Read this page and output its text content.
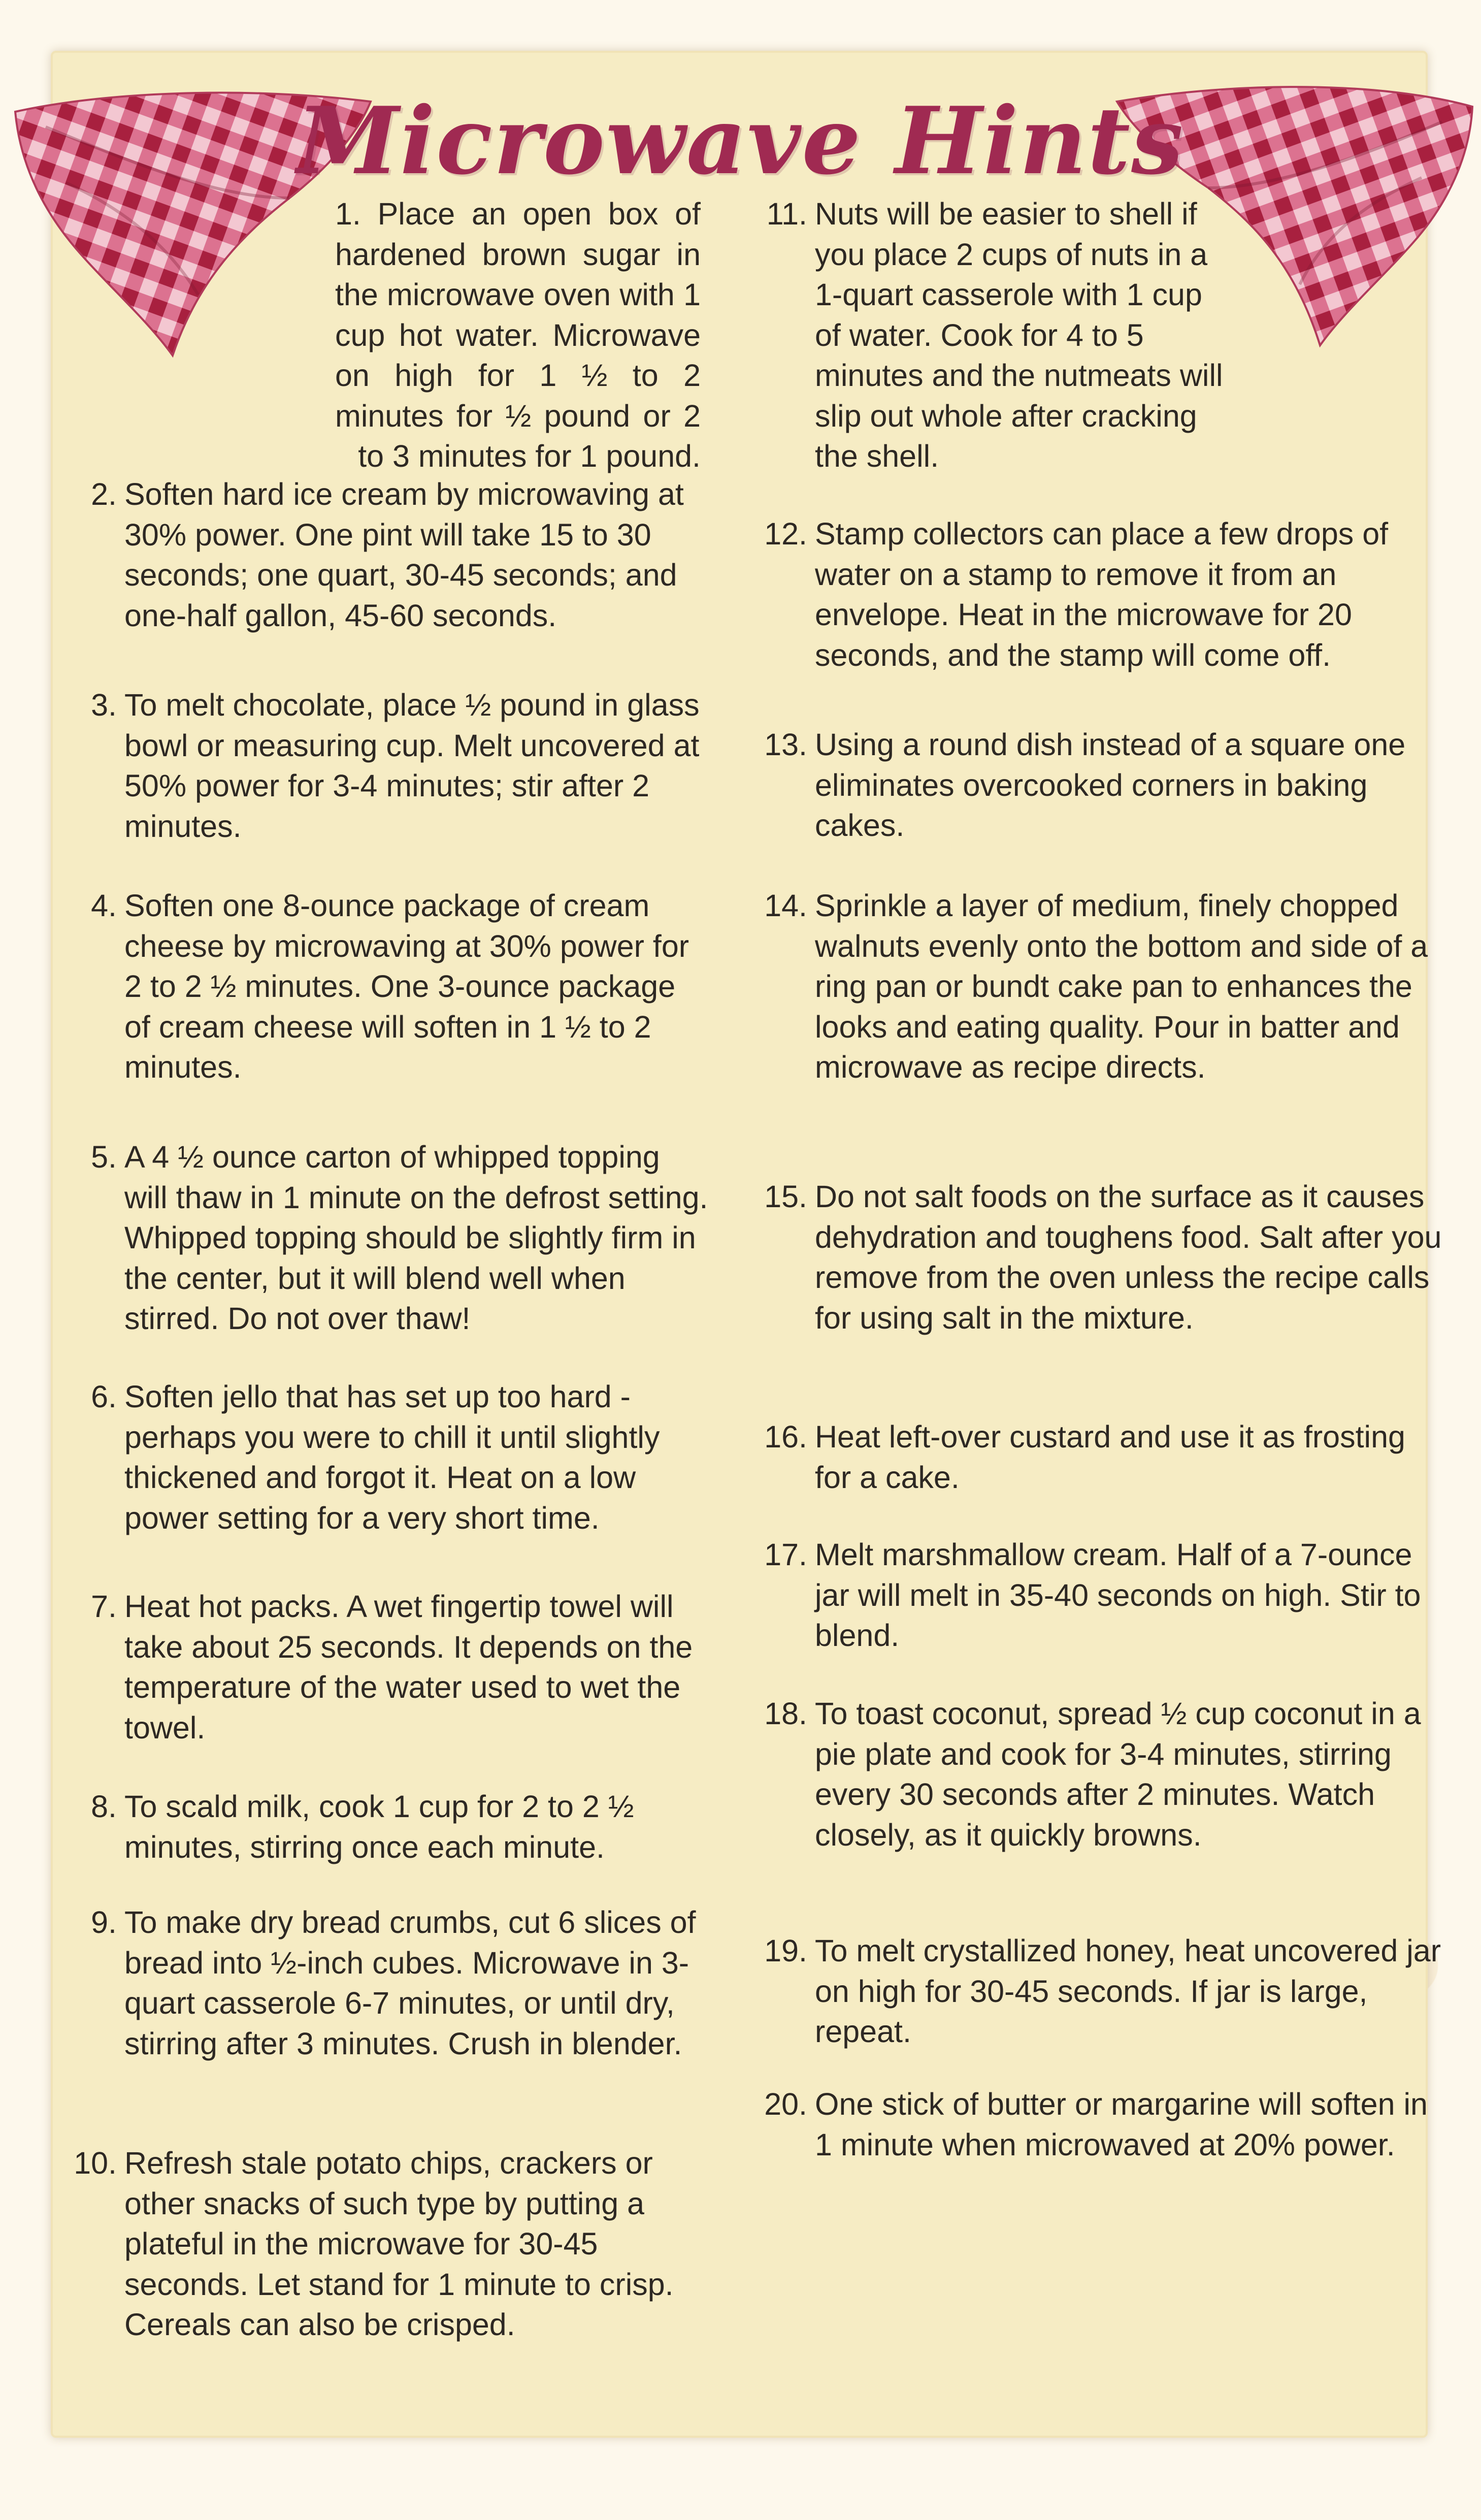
Microwave Hints
1. Place an open box of hardened brown sugar in the microwave oven with 1 cup hot water. Microwave on high for 1 ½ to 2 minutes for ½ pound or 2 to 3 minutes for 1 pound.
2. Soften hard ice cream by microwaving at 30% power. One pint will take 15 to 30 seconds; one quart, 30-45 seconds; and one-half gallon, 45-60 seconds.
3. To melt chocolate, place ½ pound in glass bowl or measuring cup. Melt uncovered at 50% power for 3-4 minutes; stir after 2 minutes.
4. Soften one 8-ounce package of cream cheese by microwaving at 30% power for 2 to 2 ½ minutes. One 3-ounce package of cream cheese will soften in 1 ½ to 2 minutes.
5. A 4 ½ ounce carton of whipped topping will thaw in 1 minute on the defrost setting. Whipped topping should be slightly firm in the center, but it will blend well when stirred. Do not over thaw!
6. Soften jello that has set up too hard - perhaps you were to chill it until slightly thickened and forgot it. Heat on a low power setting for a very short time.
7. Heat hot packs. A wet fingertip towel will take about 25 seconds. It depends on the temperature of the water used to wet the towel.
8. To scald milk, cook 1 cup for 2 to 2 ½ minutes, stirring once each minute.
9. To make dry bread crumbs, cut 6 slices of bread into ½-inch cubes. Microwave in 3-quart casserole 6-7 minutes, or until dry, stirring after 3 minutes. Crush in blender.
10. Refresh stale potato chips, crackers or other snacks of such type by putting a plateful in the microwave for 30-45 seconds. Let stand for 1 minute to crisp. Cereals can also be crisped.
11. Nuts will be easier to shell if you place 2 cups of nuts in a 1-quart casserole with 1 cup of water. Cook for 4 to 5 minutes and the nutmeats will slip out whole after cracking the shell.
12. Stamp collectors can place a few drops of water on a stamp to remove it from an envelope. Heat in the microwave for 20 seconds, and the stamp will come off.
13. Using a round dish instead of a square one eliminates overcooked corners in baking cakes.
14. Sprinkle a layer of medium, finely chopped walnuts evenly onto the bottom and side of a ring pan or bundt cake pan to enhances the looks and eating quality. Pour in batter and microwave as recipe directs.
15. Do not salt foods on the surface as it causes dehydration and toughens food. Salt after you remove from the oven unless the recipe calls for using salt in the mixture.
16. Heat left-over custard and use it as frosting for a cake.
17. Melt marshmallow cream. Half of a 7-ounce jar will melt in 35-40 seconds on high. Stir to blend.
18. To toast coconut, spread ½ cup coconut in a pie plate and cook for 3-4 minutes, stirring every 30 seconds after 2 minutes. Watch closely, as it quickly browns.
19. To melt crystallized honey, heat uncovered jar on high for 30-45 seconds. If jar is large, repeat.
20. One stick of butter or margarine will soften in 1 minute when microwaved at 20% power.
